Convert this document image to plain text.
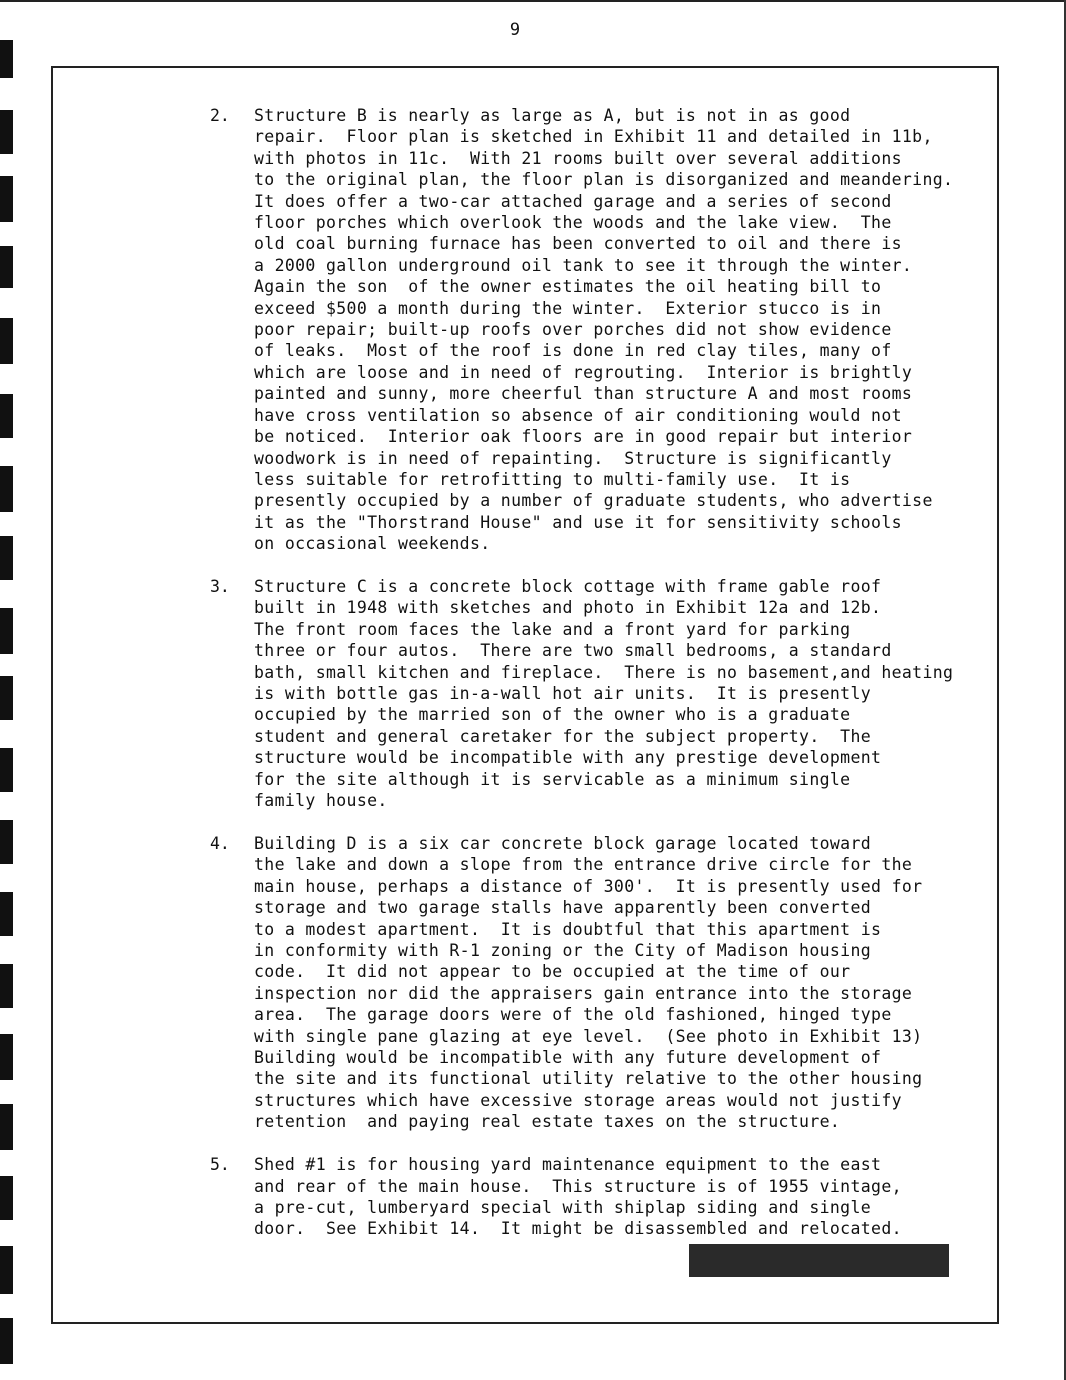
9
2. Structure B is nearly as large as A, but is not in as good
repair.  Floor plan is sketched in Exhibit 11 and detailed in 11b,
with photos in 11c.  With 21 rooms built over several additions
to the original plan, the floor plan is disorganized and meandering.
It does offer a two-car attached garage and a series of second
floor porches which overlook the woods and the lake view.  The
old coal burning furnace has been converted to oil and there is
a 2000 gallon underground oil tank to see it through the winter.
Again the son  of the owner estimates the oil heating bill to
exceed $500 a month during the winter.  Exterior stucco is in
poor repair; built-up roofs over porches did not show evidence
of leaks.  Most of the roof is done in red clay tiles, many of
which are loose and in need of regrouting.  Interior is brightly
painted and sunny, more cheerful than structure A and most rooms
have cross ventilation so absence of air conditioning would not
be noticed.  Interior oak floors are in good repair but interior
woodwork is in need of repainting.  Structure is significantly
less suitable for retrofitting to multi-family use.  It is
presently occupied by a number of graduate students, who advertise
it as the "Thorstrand House" and use it for sensitivity schools
on occasional weekends.
3. Structure C is a concrete block cottage with frame gable roof
built in 1948 with sketches and photo in Exhibit 12a and 12b.
The front room faces the lake and a front yard for parking
three or four autos.  There are two small bedrooms, a standard
bath, small kitchen and fireplace.  There is no basement,and heating
is with bottle gas in-a-wall hot air units.  It is presently
occupied by the married son of the owner who is a graduate
student and general caretaker for the subject property.  The
structure would be incompatible with any prestige development
for the site although it is servicable as a minimum single
family house.
4. Building D is a six car concrete block garage located toward
the lake and down a slope from the entrance drive circle for the
main house, perhaps a distance of 300'.  It is presently used for
storage and two garage stalls have apparently been converted
to a modest apartment.  It is doubtful that this apartment is
in conformity with R-1 zoning or the City of Madison housing
code.  It did not appear to be occupied at the time of our
inspection nor did the appraisers gain entrance into the storage
area.  The garage doors were of the old fashioned, hinged type
with single pane glazing at eye level.  (See photo in Exhibit 13)
Building would be incompatible with any future development of
the site and its functional utility relative to the other housing
structures which have excessive storage areas would not justify
retention  and paying real estate taxes on the structure.
5. Shed #1 is for housing yard maintenance equipment to the east
and rear of the main house.  This structure is of 1955 vintage,
a pre-cut, lumberyard special with shiplap siding and single
door.  See Exhibit 14.  It might be disassembled and relocated.
